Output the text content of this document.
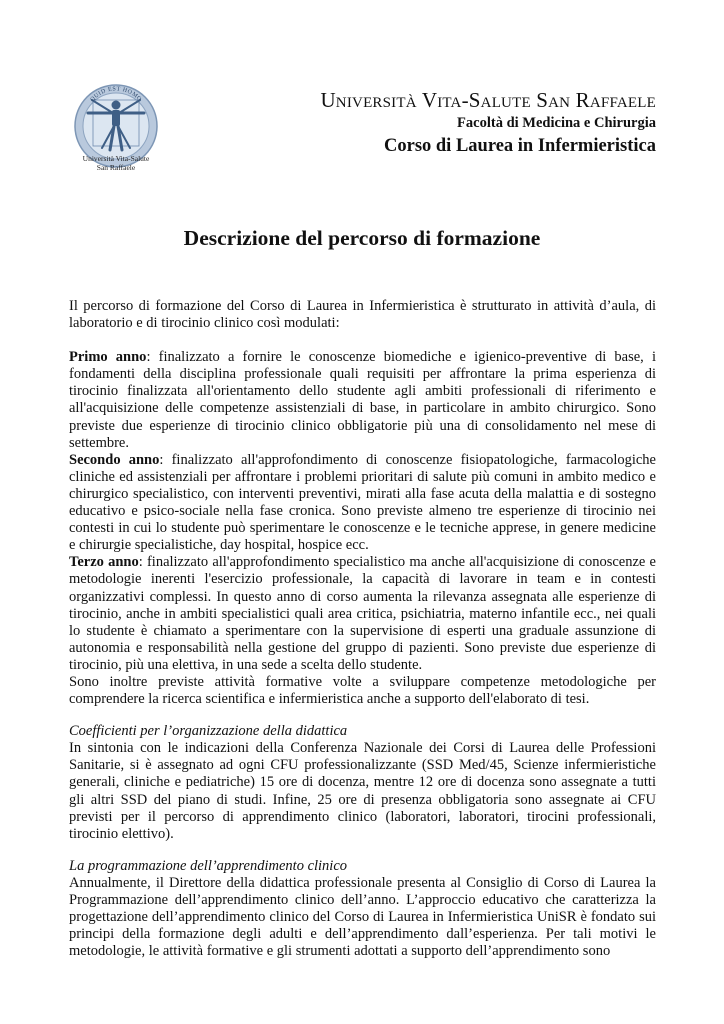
QUID EST HOMO
Università Vita-Salute
San Raffaele
Università Vita-Salute San Raffaele
Facoltà di Medicina e Chirurgia
Corso di Laurea in Infermieristica
Descrizione del percorso di formazione

Il percorso di formazione del Corso di Laurea in Infermieristica è strutturato in attività d’aula, di laboratorio e di tirocinio clinico così modulati:

Primo anno: finalizzato a fornire le conoscenze biomediche e igienico-preventive di base, i fondamenti della disciplina professionale quali requisiti per affrontare la prima esperienza di tirocinio finalizzata all'orientamento dello studente agli ambiti professionali di riferimento e all'acquisizione delle competenze assistenziali di base, in particolare in ambito chirurgico. Sono previste due esperienze di tirocinio clinico obbligatorie più una di consolidamento nel mese di settembre.

Secondo anno: finalizzato all'approfondimento di conoscenze fisiopatologiche, farmacologiche cliniche ed assistenziali per affrontare i problemi prioritari di salute più comuni in ambito medico e chirurgico specialistico, con interventi preventivi, mirati alla fase acuta della malattia e di sostegno educativo e psico-sociale nella fase cronica. Sono previste almeno tre esperienze di tirocinio nei contesti in cui lo studente può sperimentare le conoscenze e le tecniche apprese, in genere medicine e chirurgie specialistiche, day hospital, hospice ecc.

Terzo anno: finalizzato all'approfondimento specialistico ma anche all'acquisizione di conoscenze e metodologie inerenti l'esercizio professionale, la capacità di lavorare in team e in contesti organizzativi complessi. In questo anno di corso aumenta la rilevanza assegnata alle esperienze di tirocinio, anche in ambiti specialistici quali area critica, psichiatria, materno infantile ecc., nei quali lo studente è chiamato a sperimentare con la supervisione di esperti una graduale assunzione di autonomia e responsabilità nella gestione del gruppo di pazienti. Sono previste due esperienze di tirocinio, più una elettiva, in una sede a scelta dello studente.

Sono inoltre previste attività formative volte a sviluppare competenze metodologiche per comprendere la ricerca scientifica e infermieristica anche a supporto dell'elaborato di tesi.

Coefficienti per l’organizzazione della didattica

In sintonia con le indicazioni della Conferenza Nazionale dei Corsi di Laurea delle Professioni Sanitarie, si è assegnato ad ogni CFU professionalizzante (SSD Med/45, Scienze infermieristiche generali, cliniche e pediatriche) 15 ore di docenza, mentre 12 ore di docenza sono assegnate a tutti gli altri SSD del piano di studi. Infine, 25 ore di presenza obbligatoria sono assegnate ai CFU previsti per il percorso di apprendimento clinico (laboratori, laboratori, tirocini professionali, tirocinio elettivo).

La programmazione dell’apprendimento clinico

Annualmente, il Direttore della didattica professionale presenta al Consiglio di Corso di Laurea la Programmazione dell’apprendimento clinico dell’anno. L’approccio educativo che caratterizza la progettazione dell’apprendimento clinico del Corso di Laurea in Infermieristica UniSR è fondato sui principi della formazione degli adulti e dell’apprendimento dall’esperienza. Per tali motivi le metodologie, le attività formative e gli strumenti adottati a supporto dell’apprendimento sono
